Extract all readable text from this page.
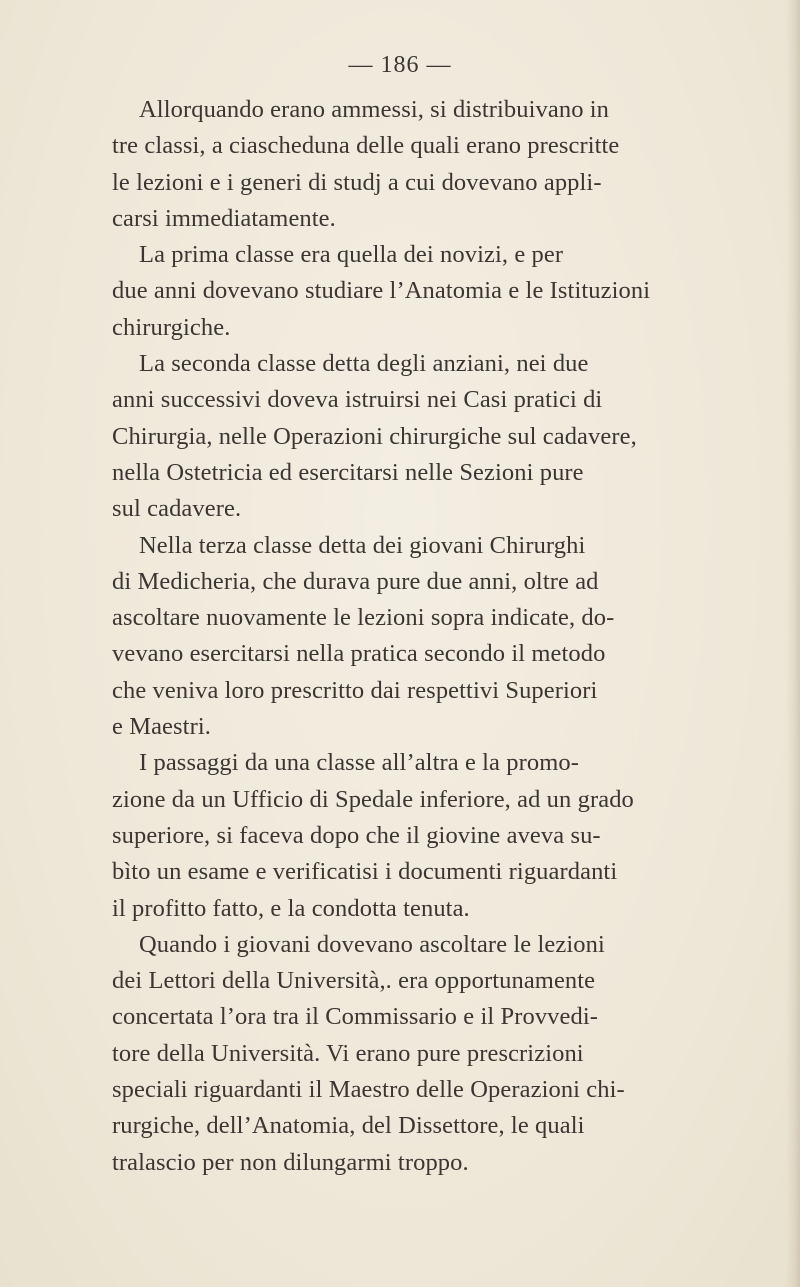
— 186 —
Allorquando erano ammessi, si distribuivano in
tre classi, a ciascheduna delle quali erano prescritte
le lezioni e i generi di studj a cui dovevano appli-
carsi immediatamente.
La prima classe era quella dei novizi, e per
due anni dovevano studiare l’Anatomia e le Istituzioni
chirurgiche.
La seconda classe detta degli anziani, nei due
anni successivi doveva istruirsi nei Casi pratici di
Chirurgia, nelle Operazioni chirurgiche sul cadavere,
nella Ostetricia ed esercitarsi nelle Sezioni pure
sul cadavere.
Nella terza classe detta dei giovani Chirurghi
di Medicheria, che durava pure due anni, oltre ad
ascoltare nuovamente le lezioni sopra indicate, do-
vevano esercitarsi nella pratica secondo il metodo
che veniva loro prescritto dai respettivi Superiori
e Maestri.
I passaggi da una classe all’altra e la promo-
zione da un Ufficio di Spedale inferiore, ad un grado
superiore, si faceva dopo che il giovine aveva su-
bìto un esame e verificatisi i documenti riguardanti
il profitto fatto, e la condotta tenuta.
Quando i giovani dovevano ascoltare le lezioni
dei Lettori della Università,. era opportunamente
concertata l’ora tra il Commissario e il Provvedi-
tore della Università. Vi erano pure prescrizioni
speciali riguardanti il Maestro delle Operazioni chi-
rurgiche, dell’Anatomia, del Dissettore, le quali
tralascio per non dilungarmi troppo.
